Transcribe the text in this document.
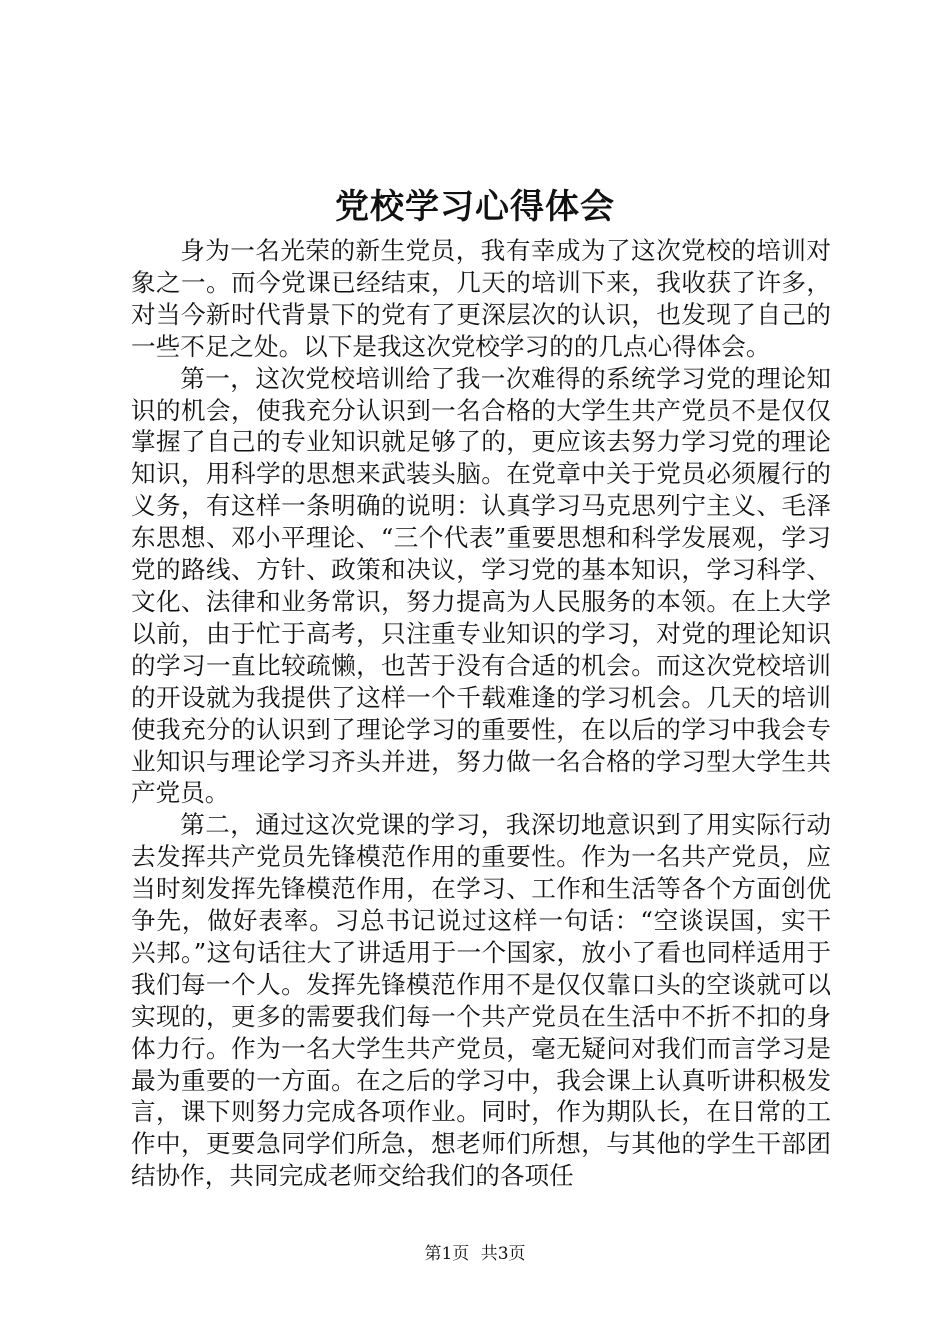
党校学习心得体会

身为一名光荣的新生党员，我有幸成为了这次党校的培训对象之一。而今党课已经结束，几天的培训下来，我收获了许多，对当今新时代背景下的党有了更深层次的认识，也发现了自己的一些不足之处。以下是我这次党校学习的的几点心得体会。

第一，这次党校培训给了我一次难得的系统学习党的理论知识的机会，使我充分认识到一名合格的大学生共产党员不是仅仅掌握了自己的专业知识就足够了的，更应该去努力学习党的理论知识，用科学的思想来武装头脑。在党章中关于党员必须履行的义务，有这样一条明确的说明：认真学习马克思列宁主义、毛泽东思想、邓小平理论、“三个代表”重要思想和科学发展观，学习党的路线、方针、政策和决议，学习党的基本知识，学习科学、文化、法律和业务常识，努力提高为人民服务的本领。在上大学以前，由于忙于高考，只注重专业知识的学习，对党的理论知识的学习一直比较疏懒，也苦于没有合适的机会。而这次党校培训的开设就为我提供了这样一个千载难逢的学习机会。几天的培训使我充分的认识到了理论学习的重要性，在以后的学习中我会专业知识与理论学习齐头并进，努力做一名合格的学习型大学生共产党员。

第二，通过这次党课的学习，我深切地意识到了用实际行动去发挥共产党员先锋模范作用的重要性。作为一名共产党员，应当时刻发挥先锋模范作用，在学习、工作和生活等各个方面创优争先，做好表率。习总书记说过这样一句话：“空谈误国，实干兴邦。”这句话往大了讲适用于一个国家，放小了看也同样适用于我们每一个人。发挥先锋模范作用不是仅仅靠口头的空谈就可以实现的，更多的需要我们每一个共产党员在生活中不折不扣的身体力行。作为一名大学生共产党员，毫无疑问对我们而言学习是最为重要的一方面。在之后的学习中，我会课上认真听讲积极发言，课下则努力完成各项作业。同时，作为期队长，在日常的工作中，更要急同学们所急，想老师们所想，与其他的学生干部团结协作，共同完成老师交给我们的各项任

第1页 共3页
